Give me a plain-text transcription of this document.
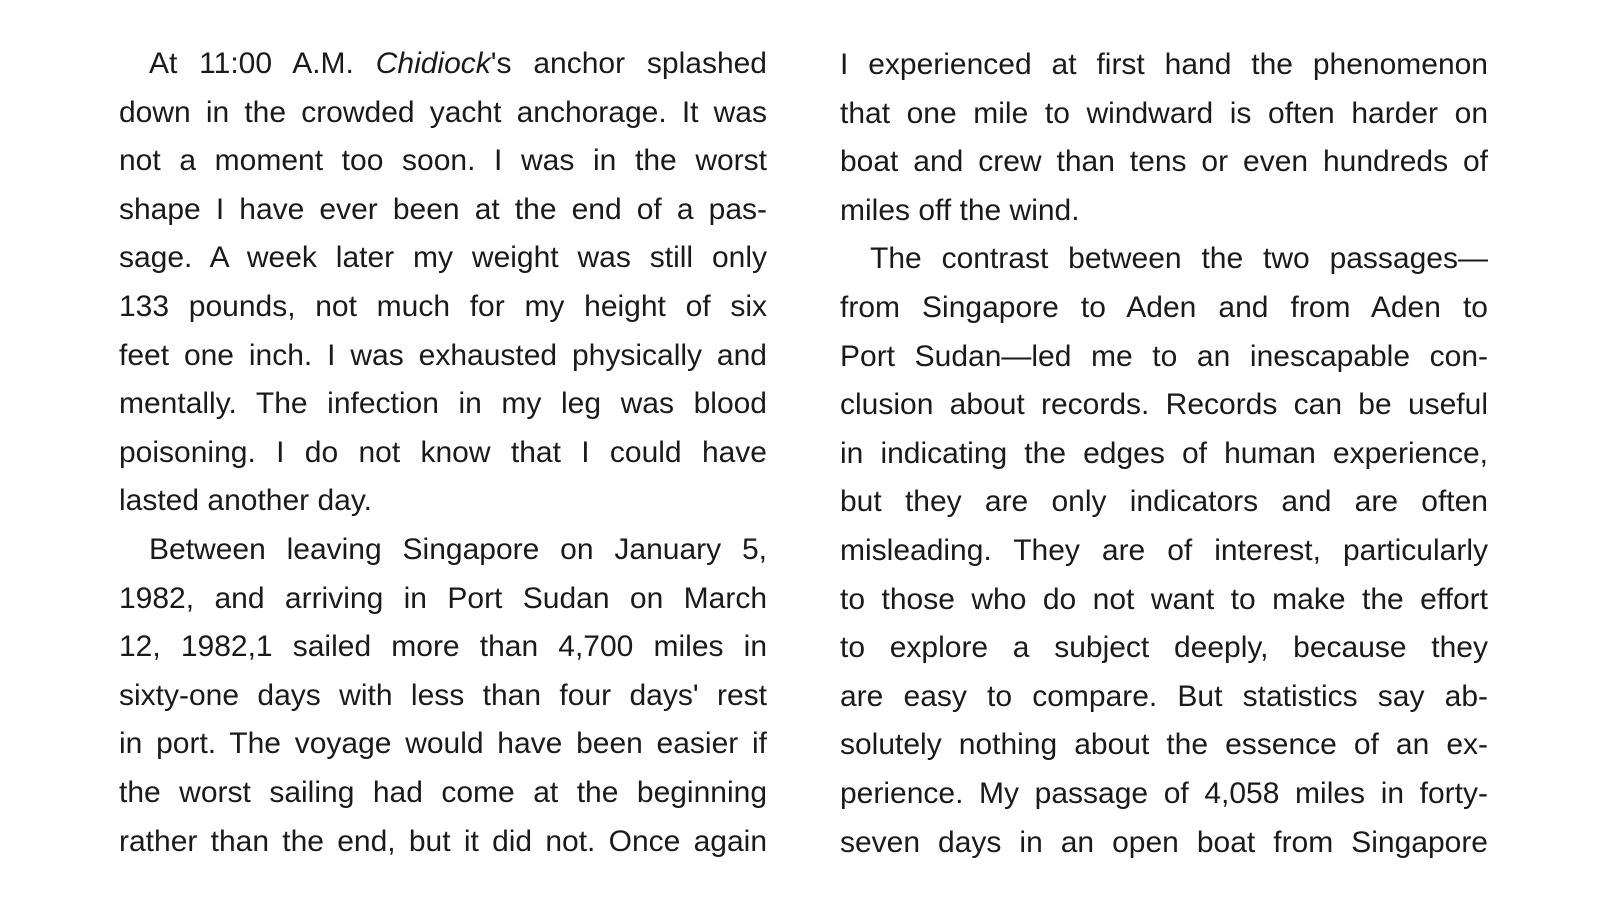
At 11:00 A.M. Chidiock's anchor splashed
down in the crowded yacht anchorage. It was
not a moment too soon. I was in the worst
shape I have ever been at the end of a pas-
sage. A week later my weight was still only
133 pounds, not much for my height of six
feet one inch. I was exhausted physically and
mentally. The infection in my leg was blood
poisoning. I do not know that I could have
lasted another day.
Between leaving Singapore on January 5,
1982, and arriving in Port Sudan on March
12, 1982,1 sailed more than 4,700 miles in
sixty-one days with less than four days' rest
in port. The voyage would have been easier if
the worst sailing had come at the beginning
rather than the end, but it did not. Once again
I experienced at first hand the phenomenon
that one mile to windward is often harder on
boat and crew than tens or even hundreds of
miles off the wind.
The contrast between the two passages—
from Singapore to Aden and from Aden to
Port Sudan—led me to an inescapable con-
clusion about records. Records can be useful
in indicating the edges of human experience,
but they are only indicators and are often
misleading. They are of interest, particularly
to those who do not want to make the effort
to explore a subject deeply, because they
are easy to compare. But statistics say ab-
solutely nothing about the essence of an ex-
perience. My passage of 4,058 miles in forty-
seven days in an open boat from Singapore
